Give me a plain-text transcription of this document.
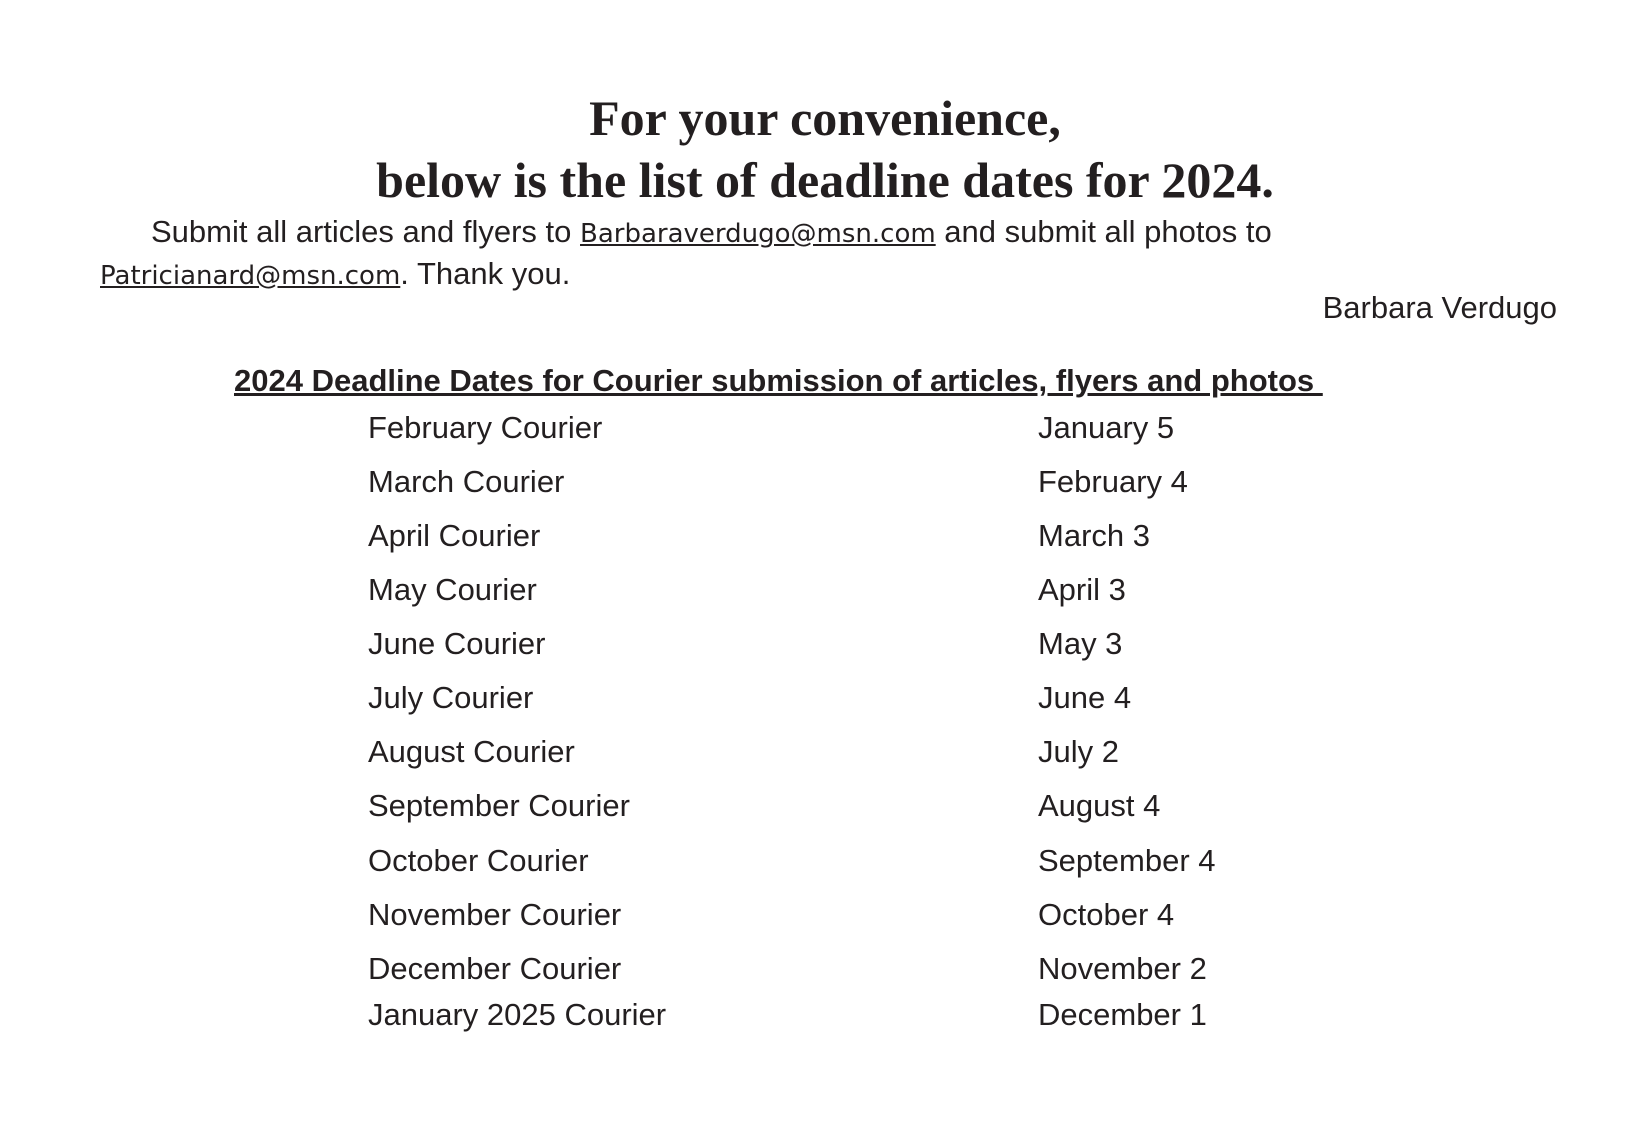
For your convenience,
below is the list of deadline dates for 2024.

Submit all articles and flyers to Barbaraverdugo@msn.com and submit all photos to Patricianard@msn.com. Thank you.

Barbara Verdugo

2024 Deadline Dates for Courier submission of articles, flyers and photos

February Courier	January 5
March Courier	February 4
April Courier	March 3
May Courier	April 3
June Courier	May 3
July Courier	June 4
August Courier	July 2
September Courier	August 4
October Courier	September 4
November Courier	October 4
December Courier	November 2
January 2025 Courier	December 1
